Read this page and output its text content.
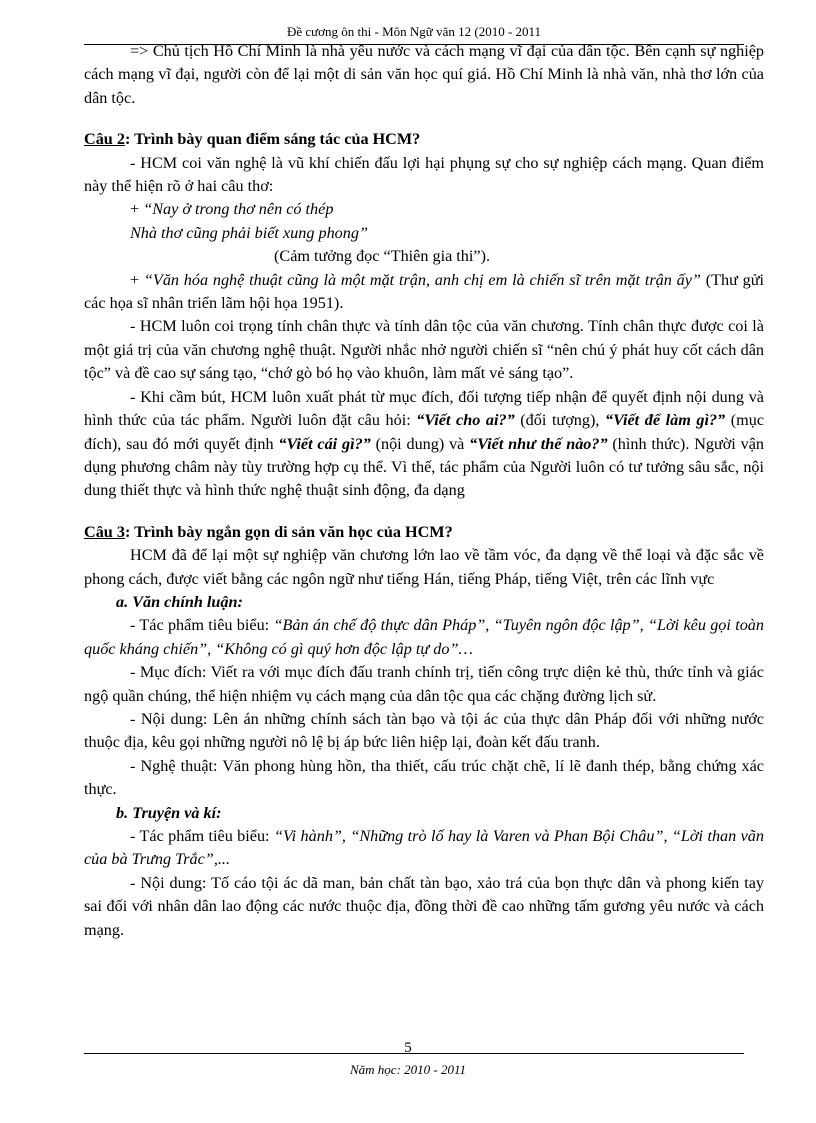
Đề cương ôn thi - Môn Ngữ văn 12 (2010 - 2011

=> Chủ tịch Hồ Chí Minh là nhà yêu nước và cách mạng vĩ đại của dân tộc. Bên cạnh sự nghiệp cách mạng vĩ đại, người còn để lại một di sản văn học quí giá. Hồ Chí Minh là nhà văn, nhà thơ lớn của dân tộc.

Câu 2: Trình bày quan điểm sáng tác của HCM?

- HCM coi văn nghệ là vũ khí chiến đấu lợi hại phụng sự cho sự nghiệp cách mạng. Quan điểm này thể hiện rõ ở hai câu thơ:

+ “Nay ở trong thơ nên có thép

Nhà thơ cũng phải biết xung phong”

(Cảm tưởng đọc “Thiên gia thi”).

+ “Văn hóa nghệ thuật cũng là một mặt trận, anh chị em là chiến sĩ trên mặt trận ấy” (Thư gửi các họa sĩ nhân triển lãm hội họa 1951).

- HCM luôn coi trọng tính chân thực và tính dân tộc của văn chương. Tính chân thực được coi là một giá trị của văn chương nghệ thuật. Người nhắc nhở người chiến sĩ “nên chú ý phát huy cốt cách dân tộc” và đề cao sự sáng tạo, “chớ gò bó họ vào khuôn, làm mất vẻ sáng tạo”.

- Khi cầm bút, HCM luôn xuất phát từ mục đích, đối tượng tiếp nhận để quyết định nội dung và hình thức của tác phẩm. Người luôn đặt câu hỏi: “Viết cho ai?” (đối tượng), “Viết để làm gì?” (mục đích), sau đó mới quyết định “Viết cái gì?” (nội dung) và “Viết như thế nào?” (hình thức). Người vận dụng phương châm này tùy trường hợp cụ thể. Vì thế, tác phẩm của Người luôn có tư tưởng sâu sắc, nội dung thiết thực và hình thức nghệ thuật sinh động, đa dạng

Câu 3: Trình bày ngắn gọn di sản văn học của HCM?

HCM đã để lại một sự nghiệp văn chương lớn lao về tầm vóc, đa dạng về thể loại và đặc sắc về phong cách, được viết bằng các ngôn ngữ như tiếng Hán, tiếng Pháp, tiếng Việt, trên các lĩnh vực

a. Văn chính luận:

- Tác phẩm tiêu biểu: “Bản án chế độ thực dân Pháp”, “Tuyên ngôn độc lập”, “Lời kêu gọi toàn quốc kháng chiến”, “Không có gì quý hơn độc lập tự do”…

- Mục đích: Viết ra với mục đích đấu tranh chính trị, tiến công trực diện kẻ thù, thức tỉnh và giác ngộ quần chúng, thể hiện nhiệm vụ cách mạng của dân tộc qua các chặng đường lịch sử.

- Nội dung: Lên án những chính sách tàn bạo và tội ác của thực dân Pháp đối với những nước thuộc địa, kêu gọi những người nô lệ bị áp bức liên hiệp lại, đoàn kết đấu tranh.

- Nghệ thuật: Văn phong hùng hồn, tha thiết, cấu trúc chặt chẽ, lí lẽ đanh thép, bằng chứng xác thực.

b. Truyện và kí:

- Tác phẩm tiêu biểu: “Vi hành”, “Những trò lố hay là Varen và Phan Bội Châu”, “Lời than vãn của bà Trưng Trắc”,...

- Nội dung: Tố cáo tội ác dã man, bản chất tàn bạo, xảo trá của bọn thực dân và phong kiến tay sai đối với nhân dân lao động các nước thuộc địa, đồng thời đề cao những tấm gương yêu nước và cách mạng.

5
Năm học: 2010 - 2011
